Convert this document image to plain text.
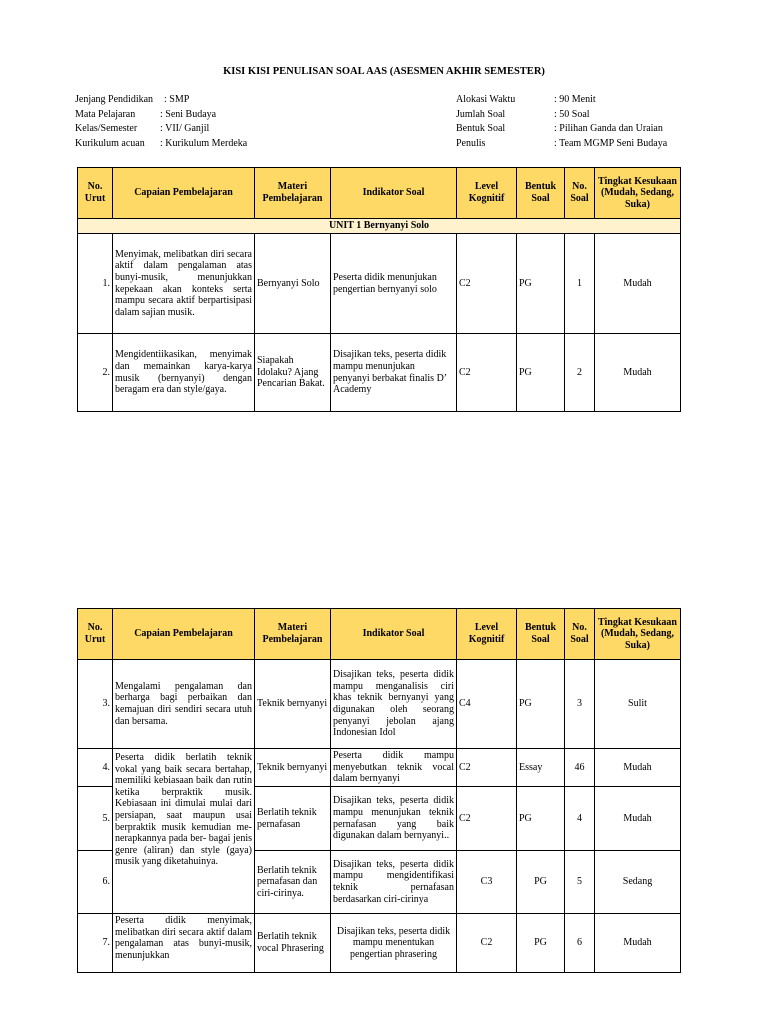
KISI KISI PENULISAN SOAL AAS (ASESMEN AKHIR SEMESTER)
Jenjang Pendidikan : SMP
Mata Pelajaran : Seni Budaya
Kelas/Semester : VII/ Ganjil
Kurikulum acuan : Kurikulum Merdeka
Alokasi Waktu	: 90 Menit
Jumlah Soal	: 50 Soal
Bentuk Soal	: Pilihan Ganda dan Uraian
Penulis	: Team MGMP Seni Budaya
No. Urut	Capaian Pembelajaran	Materi Pembelajaran	Indikator Soal	Level Kognitif	Bentuk Soal	No. Soal	Tingkat Kesukaan (Mudah, Sedang, Suka)
UNIT 1 Bernyanyi Solo							
1.	Menyimak, melibatkan diri secara aktif dalam pengalaman atas bunyi-musik, menunjukkan kepekaan akan konteks serta mampu secara aktif berpartisipasi dalam sajian musik.	Bernyanyi Solo	Peserta didik menunjukan pengertian bernyanyi solo	C2	PG	1	Mudah
2.	Mengidentiikasikan, menyimak dan memainkan karya-karya musik (bernyanyi) dengan beragam era dan style/gaya.	Siapakah Idolaku? Ajang Pencarian Bakat.	Disajikan teks, peserta didik mampu menunjukan penyanyi berbakat finalis D’ Academy	C2	PG	2	Mudah
No. Urut	Capaian Pembelajaran	Materi Pembelajaran	Indikator Soal	Level Kognitif	Bentuk Soal	No. Soal	Tingkat Kesukaan (Mudah, Sedang, Suka)
3.	Mengalami pengalaman dan berharga bagi perbaikan dan kemajuan diri sendiri secara utuh dan bersama.	Teknik bernyanyi	Disajikan teks, peserta didik mampu menganalisis ciri khas teknik bernyanyi yang digunakan oleh seorang penyanyi jebolan ajang Indonesian Idol	C4	PG	3	Sulit
4.	Peserta didik berlatih teknik vokal yang baik secara bertahap, memiliki kebiasaan baik dan rutin ketika berpraktik musik. Kebiasaan ini dimulai mulai dari persiapan, saat maupun usai berpraktik musik kemudian me- nerapkannya pada ber- bagai jenis genre (aliran) dan style (gaya) musik yang diketahuinya.	Teknik bernyanyi	Peserta didik mampu menyebutkan teknik vocal dalam bernyanyi	C2	Essay	46	Mudah
5.		Berlatih teknik pernafasan	Disajikan teks, peserta didik mampu menunjukan teknik pernafasan yang baik digunakan dalam bernyanyi..	C2	PG	4	Mudah
6.		Berlatih teknik pernafasan dan ciri-cirinya.	Disajikan teks, peserta didik mampu mengidentifikasi teknik pernafasan berdasarkan ciri-cirinya	C3	PG	5	Sedang
7.	Peserta didik menyimak, melibatkan diri secara aktif dalam pengalaman atas bunyi-musik, menunjukkan	Berlatih teknik vocal Phrasering	Disajikan teks, peserta didik mampu menentukan pengertian phrasering	C2	PG	6	Mudah
